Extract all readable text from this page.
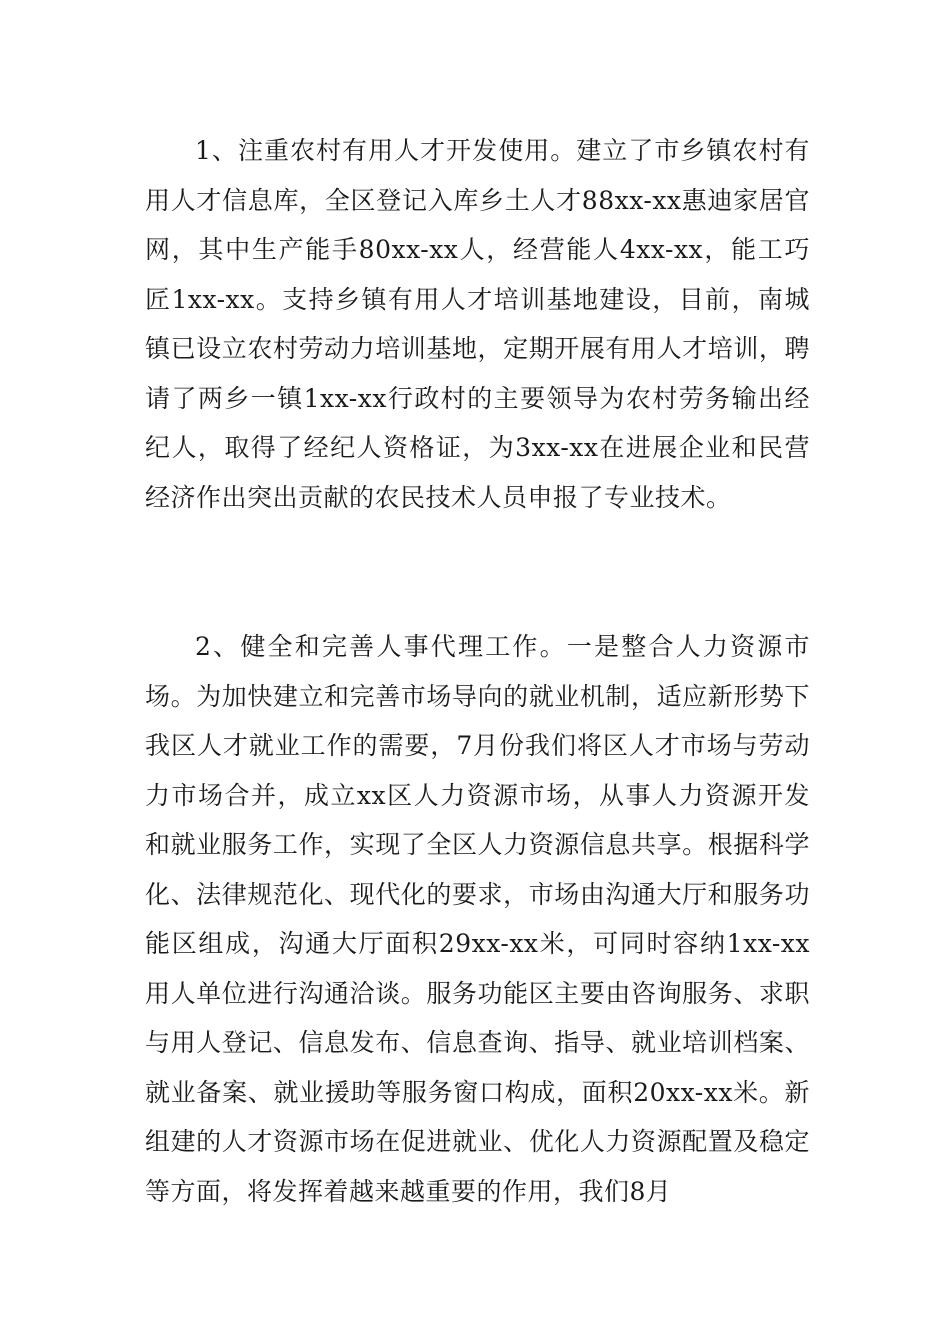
1、注重农村有用人才开发使用。建立了市乡镇农村有用人才信息库，全区登记入库乡土人才88xx-xx惠迪家居官网，其中生产能手80xx-xx人，经营能人4xx-xx，能工巧匠1xx-xx。支持乡镇有用人才培训基地建设，目前，南城镇已设立农村劳动力培训基地，定期开展有用人才培训，聘请了两乡一镇1xx-xx行政村的主要领导为农村劳务输出经纪人，取得了经纪人资格证，为3xx-xx在进展企业和民营经济作出突出贡献的农民技术人员申报了专业技术。

2、健全和完善人事代理工作。一是整合人力资源市场。为加快建立和完善市场导向的就业机制，适应新形势下我区人才就业工作的需要，7月份我们将区人才市场与劳动力市场合并，成立xx区人力资源市场，从事人力资源开发和就业服务工作，实现了全区人力资源信息共享。根据科学化、法律规范化、现代化的要求，市场由沟通大厅和服务功能区组成，沟通大厅面积29xx-xx米，可同时容纳1xx-xx用人单位进行沟通洽谈。服务功能区主要由咨询服务、求职与用人登记、信息发布、信息查询、指导、就业培训档案、就业备案、就业援助等服务窗口构成，面积20xx-xx米。新组建的人才资源市场在促进就业、优化人力资源配置及稳定等方面，将发挥着越来越重要的作用，我们8月
